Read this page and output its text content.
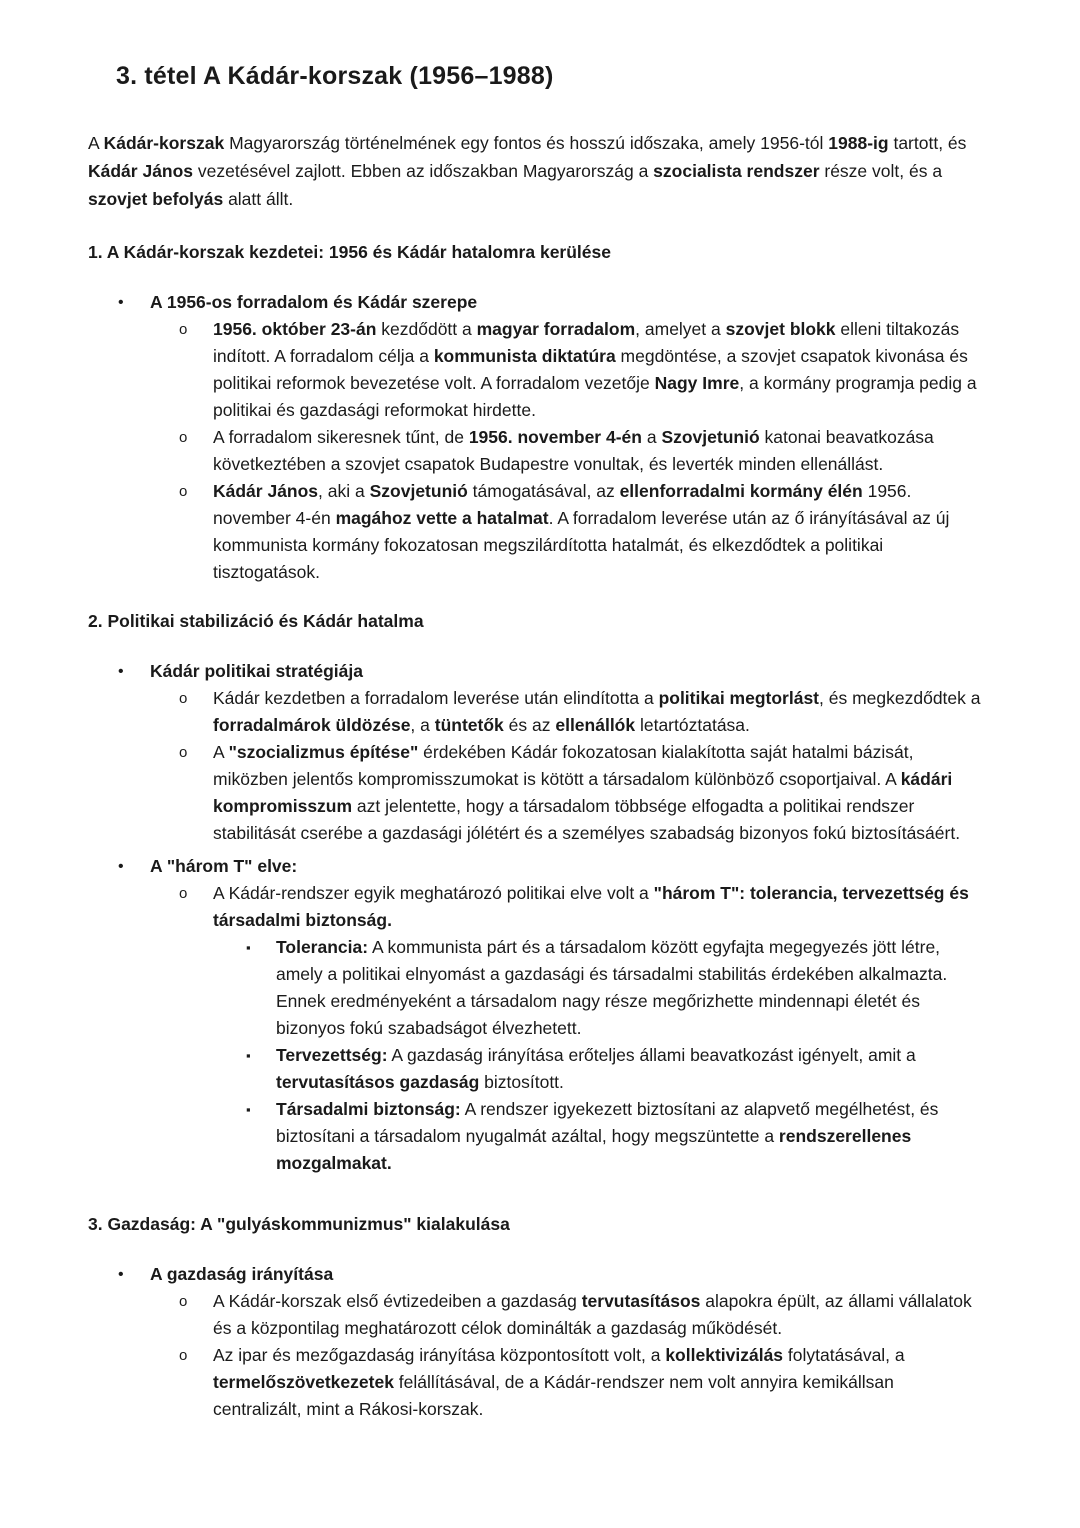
3. tétel A Kádár-korszak (1956–1988)
A Kádár-korszak Magyarország történelmének egy fontos és hosszú időszaka, amely 1956-tól 1988-ig tartott, és Kádár János vezetésével zajlott. Ebben az időszakban Magyarország a szocialista rendszer része volt, és a szovjet befolyás alatt állt.
1. A Kádár-korszak kezdetei: 1956 és Kádár hatalomra kerülése
• A 1956-os forradalom és Kádár szerepe
o 1956. október 23-án kezdődött a magyar forradalom, amelyet a szovjet blokk elleni tiltakozás indított. A forradalom célja a kommunista diktatúra megdöntése, a szovjet csapatok kivonása és politikai reformok bevezetése volt. A forradalom vezetője Nagy Imre, a kormány programja pedig a politikai és gazdasági reformokat hirdette.
o A forradalom sikeresnek tűnt, de 1956. november 4-én a Szovjetunió katonai beavatkozása következtében a szovjet csapatok Budapestre vonultak, és leverték minden ellenállást.
o Kádár János, aki a Szovjetunió támogatásával, az ellenforradalmi kormány élén 1956. november 4-én magához vette a hatalmat. A forradalom leverése után az ő irányításával az új kommunista kormány fokozatosan megszilárdította hatalmát, és elkezdődtek a politikai tisztogatások.
2. Politikai stabilizáció és Kádár hatalma
• Kádár politikai stratégiája
o Kádár kezdetben a forradalom leverése után elindította a politikai megtorlást, és megkezdődtek a forradalmárok üldözése, a tüntetők és az ellenállók letartóztatása.
o A "szocializmus építése" érdekében Kádár fokozatosan kialakította saját hatalmi bázisát, miközben jelentős kompromisszumokat is kötött a társadalom különböző csoportjaival. A kádári kompromisszum azt jelentette, hogy a társadalom többsége elfogadta a politikai rendszer stabilitását cserébe a gazdasági jólétért és a személyes szabadság bizonyos fokú biztosításáért.
• A "három T" elve:
o A Kádár-rendszer egyik meghatározó politikai elve volt a "három T": tolerancia, tervezettség és társadalmi biztonság.
▪ Tolerancia: A kommunista párt és a társadalom között egyfajta megegyezés jött létre, amely a politikai elnyomást a gazdasági és társadalmi stabilitás érdekében alkalmazta. Ennek eredményeként a társadalom nagy része megőrizhette mindennapi életét és bizonyos fokú szabadságot élvezhetett.
▪ Tervezettség: A gazdaság irányítása erőteljes állami beavatkozást igényelt, amit a tervutasításos gazdaság biztosított.
▪ Társadalmi biztonság: A rendszer igyekezett biztosítani az alapvető megélhetést, és biztosítani a társadalom nyugalmát azáltal, hogy megszüntette a rendszerellenes mozgalmakat.
3. Gazdaság: A "gulyáskommunizmus" kialakulása
• A gazdaság irányítása
o A Kádár-korszak első évtizedeiben a gazdaság tervutasításos alapokra épült, az állami vállalatok és a központilag meghatározott célok dominálták a gazdaság működését.
o Az ipar és mezőgazdaság irányítása központosított volt, a kollektivizálás folytatásával, a termelőszövetkezetek felállításával, de a Kádár-rendszer nem volt annyira kemikállsan centralizált, mint a Rákosi-korszak.
